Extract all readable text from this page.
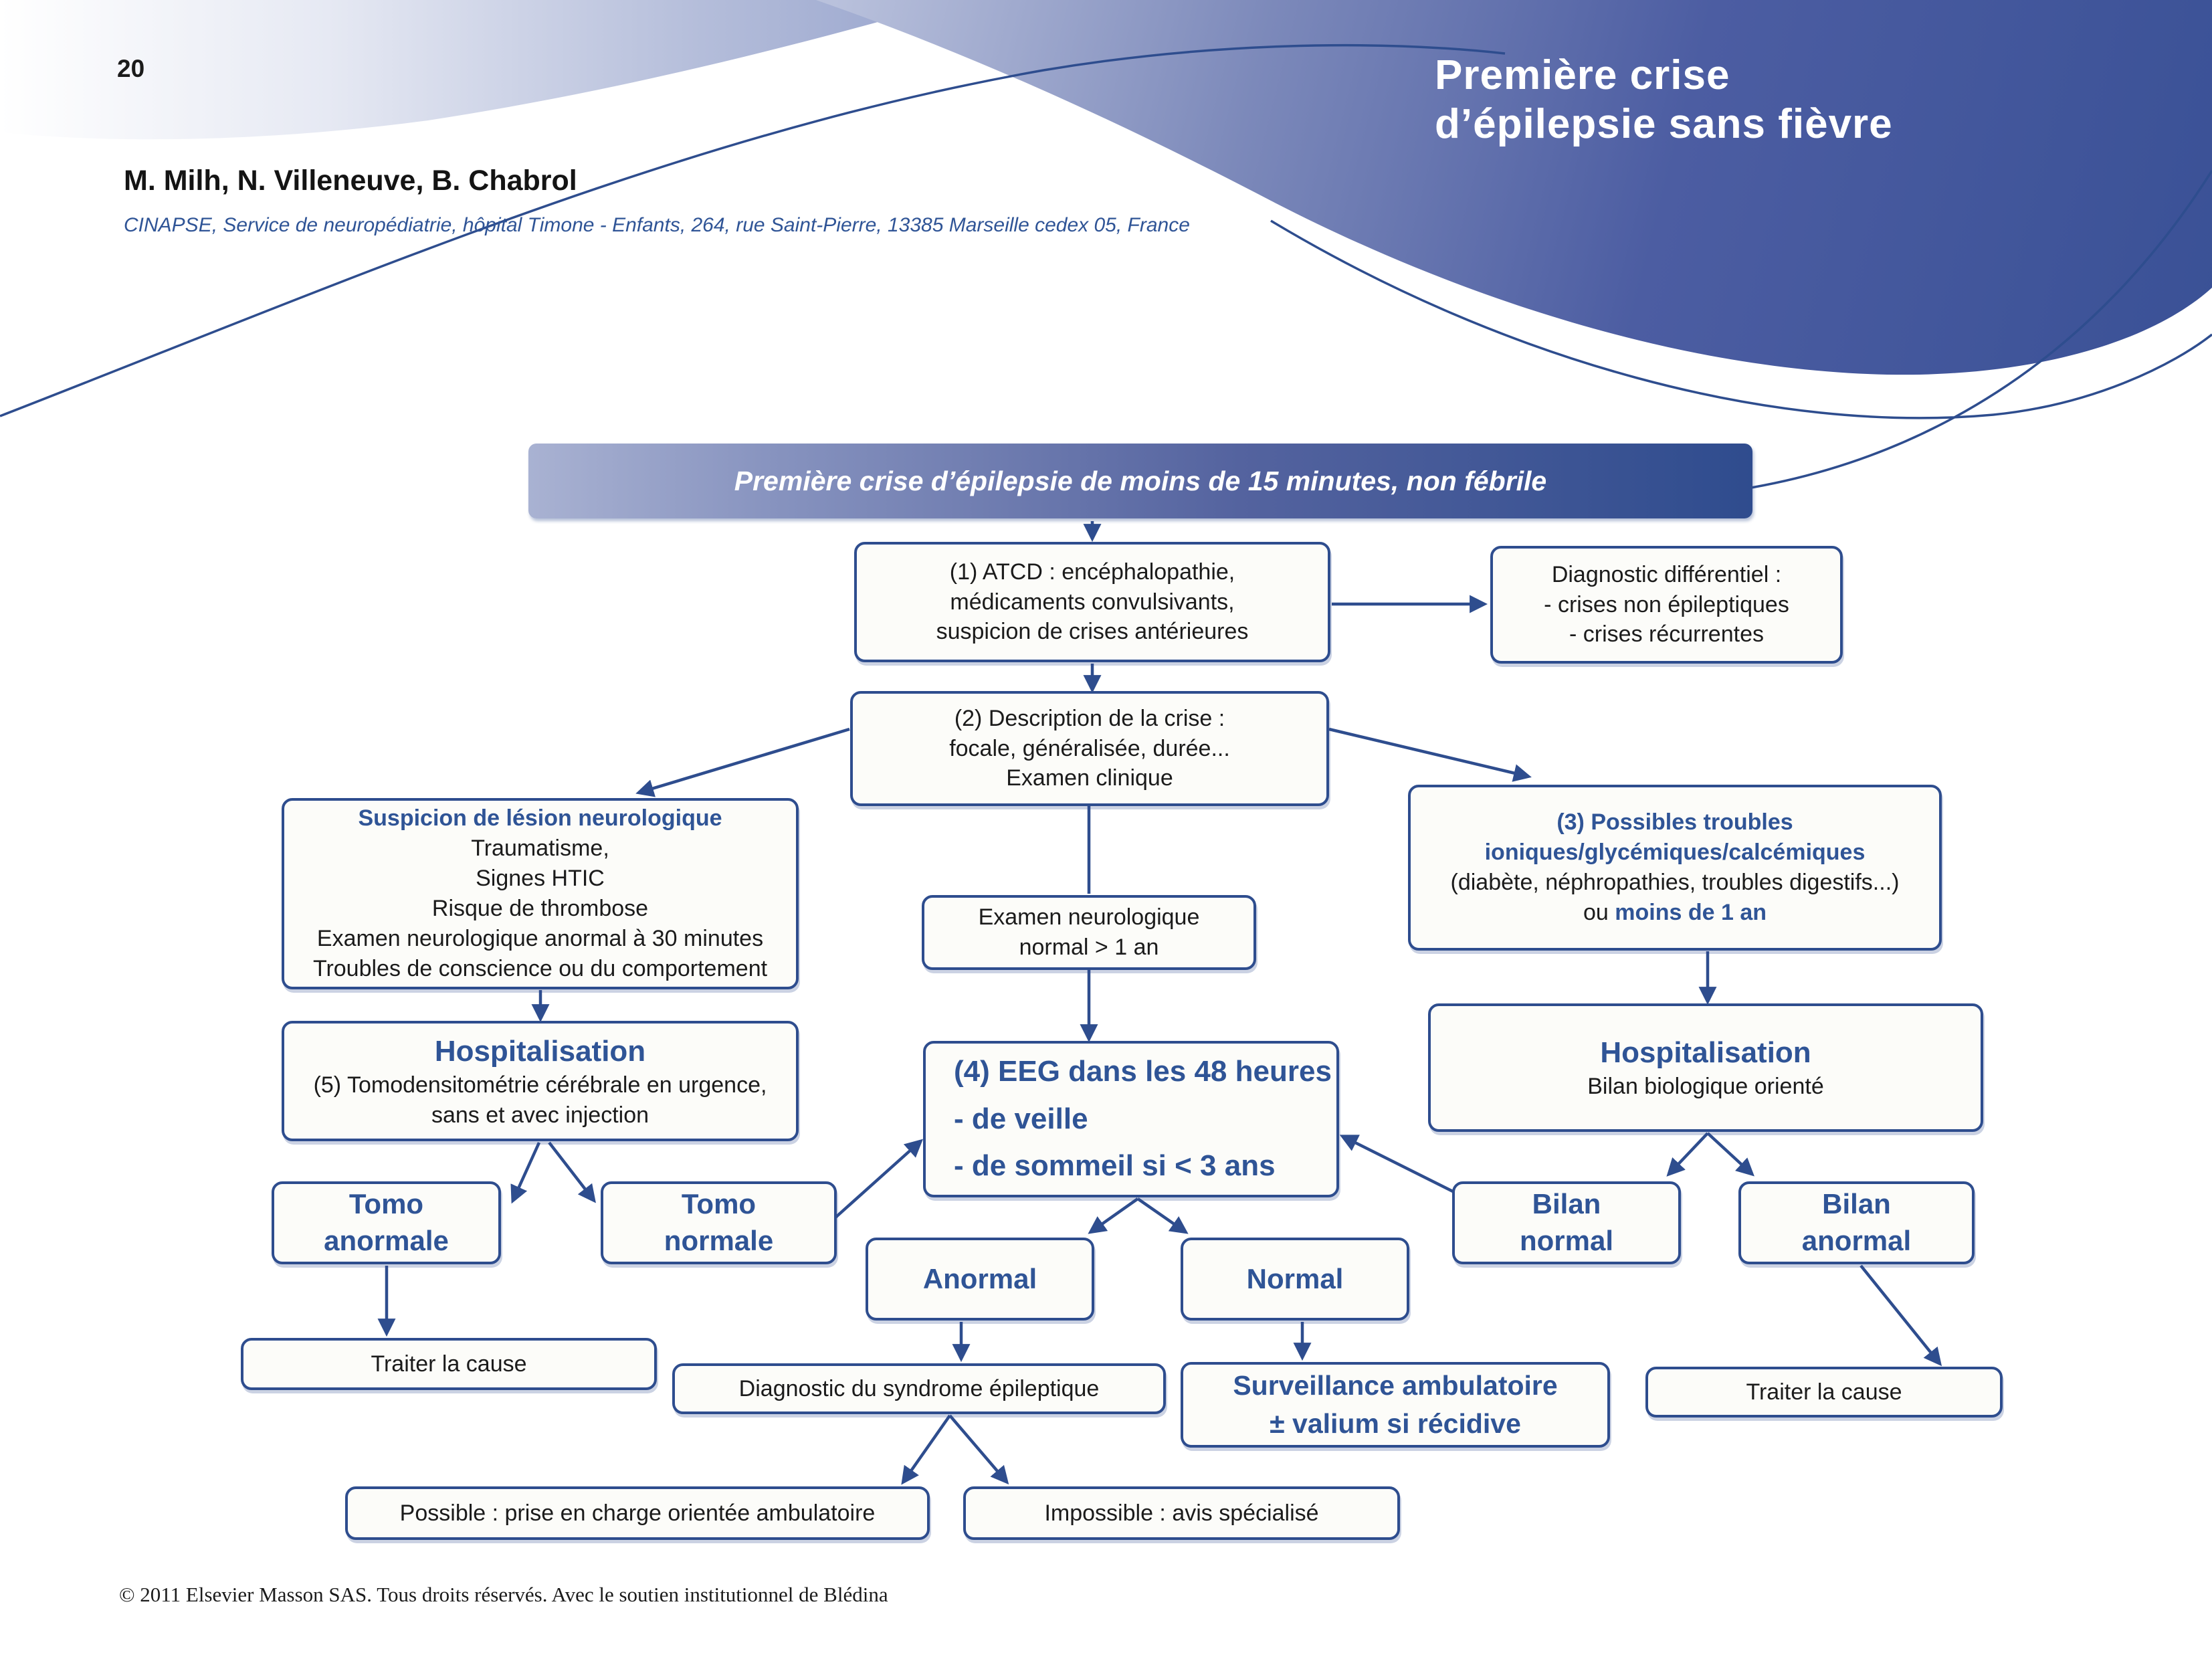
20	Première crise
d’épilepsie sans fièvre
M. Milh, N. Villeneuve, B. Chabrol
CINAPSE, Service de neuropédiatrie, hôpital Timone - Enfants, 264, rue Saint-Pierre, 13385 Marseille cedex 05, France
Première crise d’épilepsie de moins de 15 minutes, non fébrile
(1) ATCD : encéphalopathie,
médicaments convulsivants,
suspicion de crises antérieures
Diagnostic différentiel :
- crises non épileptiques
- crises récurrentes
(2) Description de la crise :
focale, généralisée, durée...
Examen clinique
Suspicion de lésion neurologique
Traumatisme,
Signes HTIC
Risque de thrombose
Examen neurologique anormal à 30 minutes
Troubles de conscience ou du comportement
Examen neurologique
normal > 1 an
(3) Possibles troubles
ioniques/glycémiques/calcémiques
(diabète, néphropathies, troubles digestifs...)
ou moins de 1 an
Hospitalisation
(5) Tomodensitométrie cérébrale en urgence,
sans et avec injection
(4) EEG dans les 48 heures
- de veille
- de sommeil si < 3 ans
Hospitalisation
Bilan biologique orienté
Tomo
anormale
Tomo
normale
Bilan
normal
Bilan
anormal
Anormal	Normal
Traiter la cause
Diagnostic du syndrome épileptique	Surveillance ambulatoire
± valium si récidive
Traiter la cause
Possible : prise en charge orientée ambulatoire	Impossible : avis spécialisé
© 2011 Elsevier Masson SAS. Tous droits réservés. Avec le soutien institutionnel de Blédina
